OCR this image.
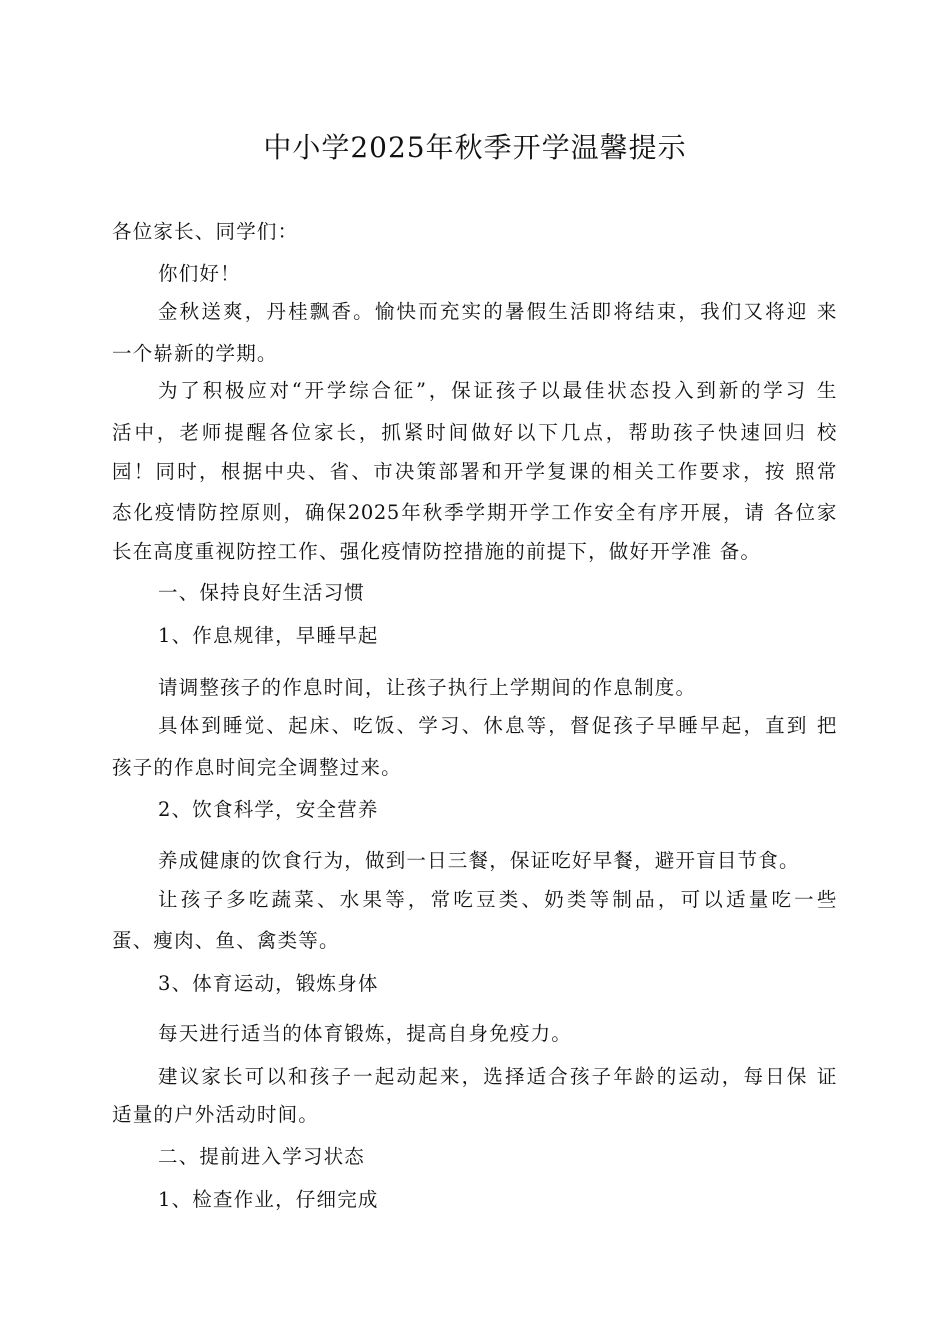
中小学2025年秋季开学温馨提示
各位家长、同学们：
你们好！
金秋送爽，丹桂飘香。愉快而充实的暑假生活即将结束，我们又将迎 来
一个崭新的学期。
为了积极应对“开学综合征”，保证孩子以最佳状态投入到新的学习 生
活中，老师提醒各位家长，抓紧时间做好以下几点，帮助孩子快速回归 校
园！同时，根据中央、省、市决策部署和开学复课的相关工作要求，按 照常
态化疫情防控原则，确保2025年秋季学期开学工作安全有序开展，请 各位家
长在高度重视防控工作、强化疫情防控措施的前提下，做好开学准 备。
一、保持良好生活习惯
1、作息规律，早睡早起
请调整孩子的作息时间，让孩子执行上学期间的作息制度。
具体到睡觉、起床、吃饭、学习、休息等，督促孩子早睡早起，直到 把
孩子的作息时间完全调整过来。
2、饮食科学，安全营养
养成健康的饮食行为，做到一日三餐，保证吃好早餐，避开盲目节食。
让孩子多吃蔬菜、水果等，常吃豆类、奶类等制品，可以适量吃一些
蛋、瘦肉、鱼、禽类等。
3、体育运动，锻炼身体
每天进行适当的体育锻炼，提高自身免疫力。
建议家长可以和孩子一起动起来，选择适合孩子年龄的运动，每日保 证
适量的户外活动时间。
二、提前进入学习状态
1、检查作业，仔细完成
